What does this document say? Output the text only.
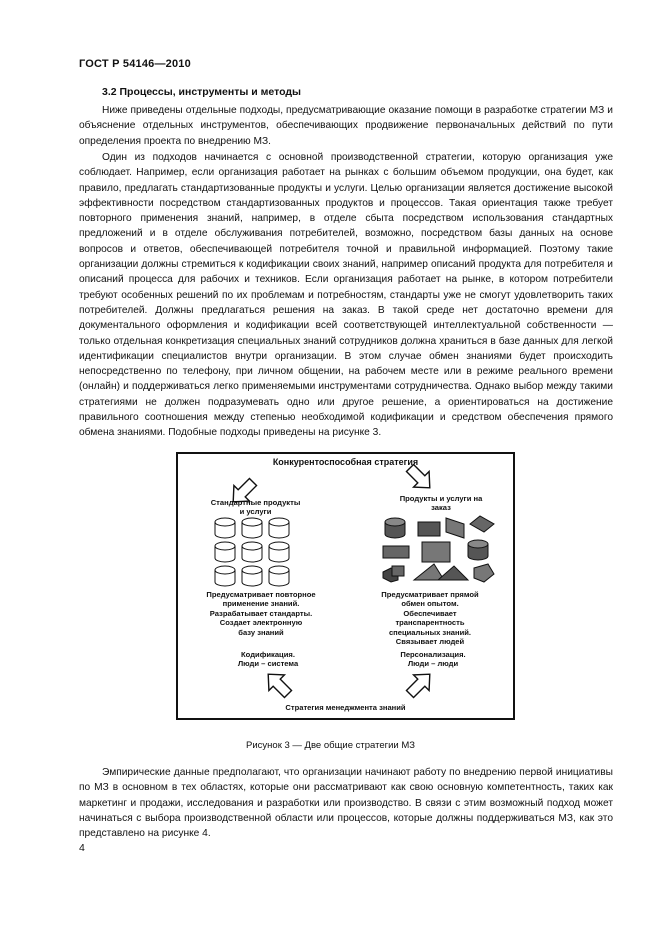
ГОСТ Р 54146—2010
3.2 Процессы, инструменты и методы

Ниже приведены отдельные подходы, предусматривающие оказание помощи в разработке стратегии МЗ и объяснение отдельных инструментов, обеспечивающих продвижение первоначальных действий по пути определения проекта по внедрению МЗ.

Один из подходов начинается с основной производственной стратегии, которую организация уже соблюдает. Например, если организация работает на рынках с большим объемом продукции, она будет, как правило, предлагать стандартизованные продукты и услуги. Целью организации является достижение высокой эффективности посредством стандартизованных продуктов и процессов. Такая ориентация также требует повторного применения знаний, например, в отделе сбыта посредством использования стандартных предложений и в отделе обслуживания потребителей, возможно, посредством базы данных на основе вопросов и ответов, обеспечивающей потребителя точной и правильной информацией. Поэтому такие организации должны стремиться к кодификации своих знаний, например описаний продукта для потребителя и описаний процесса для рабочих и техников. Если организация работает на рынке, в котором потребители требуют особенных решений по их проблемам и потребностям, стандарты уже не смогут удовлетворить таких потребителей. Должны предлагаться решения на заказ. В такой среде нет достаточно времени для документального оформления и кодификации всей соответствующей интеллектуальной собственности — только отдельная конкретизация специальных знаний сотрудников должна храниться в базе данных для легкой идентификации специалистов внутри организации. В этом случае обмен знаниями будет происходить непосредственно по телефону, при личном общении, на рабочем месте или в режиме реального времени (онлайн) и поддерживаться легко применяемыми инструментами сотрудничества. Однако выбор между такими стратегиями не должен подразумевать одно или другое решение, а ориентироваться на достижение правильного соотношения между степенью необходимой кодификации и средством обеспечения прямого обмена знаниями. Подобные подходы приведены на рисунке 3.

Конкурентоспособная стратегия
Стандартные продукты и услуги
Продукты и услуги на заказ
Предусматривает повторное
применение знаний.
Разрабатывает стандарты.
Создает электронную
базу знаний
Предусматривает прямой
обмен опытом.
Обеспечивает
транспарентность
специальных знаний.
Связывает людей
Кодификация.
Люди – система
Персонализация.
Люди – люди
Стратегия менеджмента знаний
Рисунок 3 — Две общие стратегии МЗ

Эмпирические данные предполагают, что организации начинают работу по внедрению первой инициативы по МЗ в основном в тех областях, которые они рассматривают как свою основную компетентность, таких как маркетинг и продажи, исследования и разработки или производство. В связи с этим возможный подход может начинаться с выбора производственной области или процессов, которые должны поддерживаться МЗ, как это представлено на рисунке 4.

4
